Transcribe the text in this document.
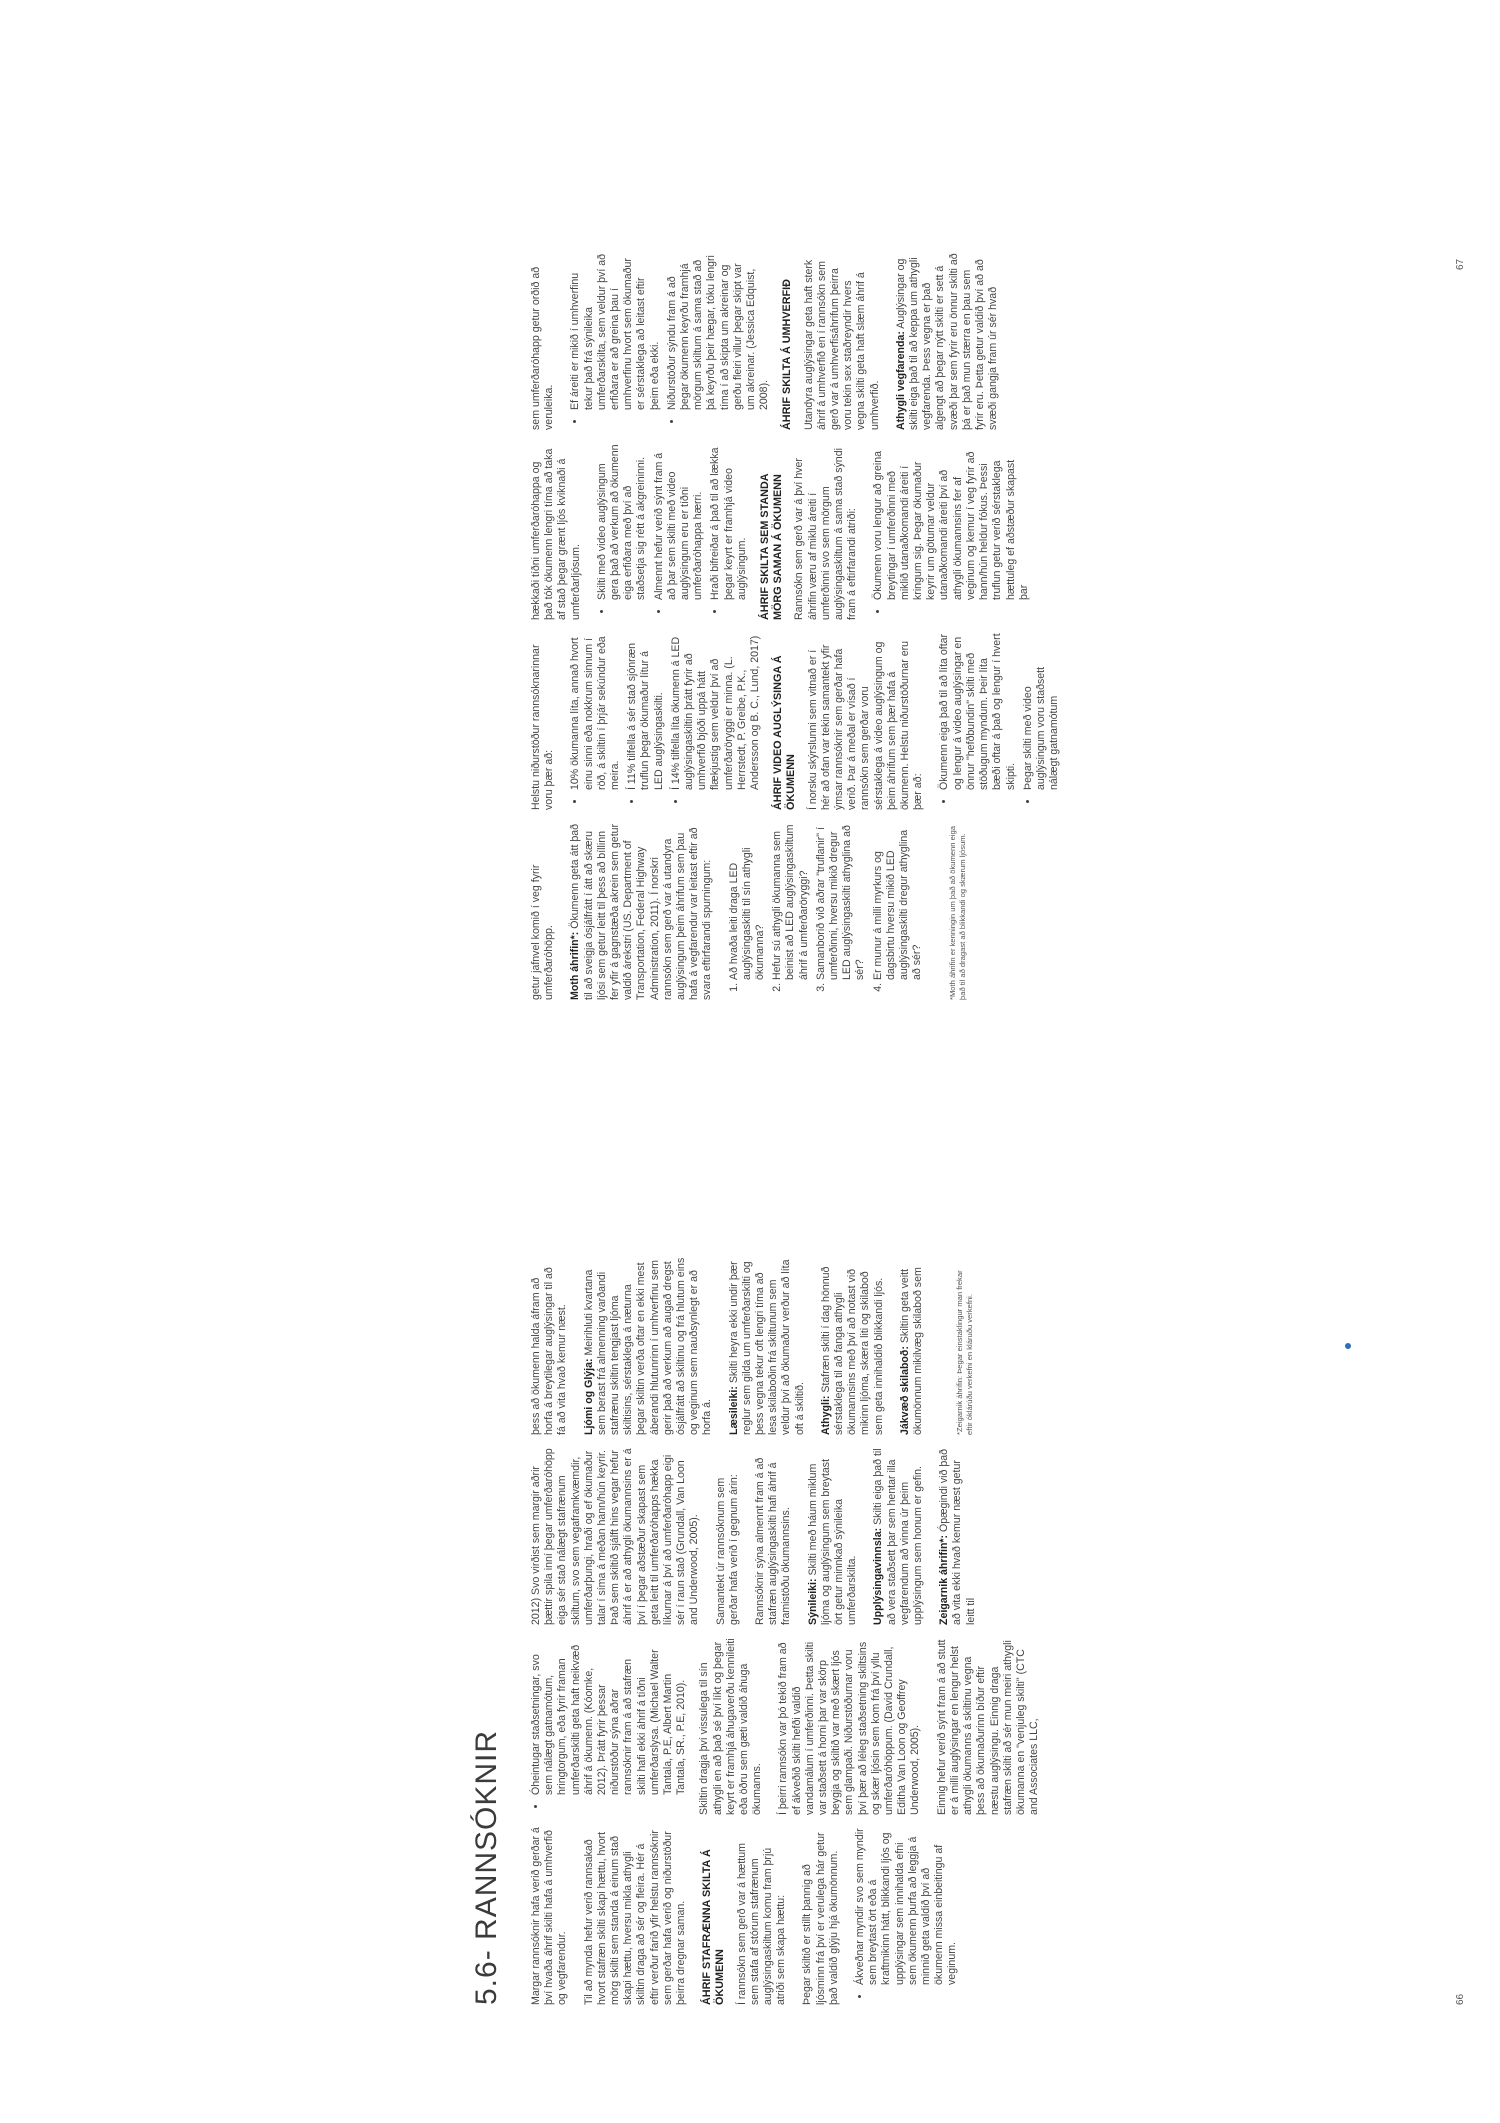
5.6- RANNSÓKNIR	Margar rannsóknir hafa verið gerðar á því hvaða áhrif skilti hafa á umhverfið og vegfarendur. Til að mynda hefur verið rannsakað hvort stafræn skilti skapi hættu, hvort mörg skilti sem standa á einum stað skapi hættu, hversu mikla athygli skiltin draga að sér og fleira. Hér á eftir verður farið yfir helstu rannsóknir sem gerðar hafa verið og niðurstöður þeirra dregnar saman. ÁHRIF STAFRÆNNA SKILTA Á ÖKUMENN Í rannsókn sem gerð var á hættum sem stafa af stórum stafrænum auglýsingaskiltum komu fram þrjú atriði sem skapa hættu: Þegar skiltið er stillt þannig að ljósminn frá því er verulega hár getur það valdið glýju hjá ökumönnum. • Ákveðnar myndir svo sem myndir sem breytast ört eða á kraftmikinn hátt, blikkandi ljós og upplýsingar sem innihalda efni sem ökumenn þurfa að leggja á minnið geta valdið því að ökumenn missa einbeitingu af veginum.
• Óheintugar staðsetningar, svo sem nálægt gatnamótum, hringtorgum, eða fyrir framan umferðarskilti geta haft neikvæð áhrif á ökumenn. (Kóomke, 2012). Þrátt fyrir þessar niðurstöður sýna aðrar rannsóknir fram á að stafræn skilti hafi ekki áhrif á tíðni umferðarslysa. (Michael Walter Tantala, P.E, Albert Martin Tantala, SR., P.E, 2010). Skiltin dragja því vissulega til sín athygli en að það sé því líkt og þegar keyrt er framhjá áhugaverðu kennileiti eða öðru sem gæti valdið áhuga ökumanns. Í þeirri rannsókn var þó tekið fram að ef ákveðið skilti hefði valdið vandamálum í umferðinni. Þetta skilti var staðsett á horni þar var skörp beygja og skiltið var með skært ljós sem glampaði. Niðurstöðurnar voru því þær að léleg staðsetning skiltsins og skær ljósin sem kom frá því yllu umferðaróhöppum. (David Crundall, Editha Van Loon og Geoffrey Underwood, 2005). Einnig hefur verið sýnt fram á að stutt er á milli auglýsingar en lengur helst athygli ökumanns á skiltinu vegna þess að ökumaðurinn bíður eftir næstu auglýsingu. Einnig draga stafræn skilti að sér mun meiri athygli ökumanna en "venjuleg skilti" (CTC and Associates LLC,

2012) Svo virðist sem margir aðrir þættir spila inní þegar umferðaróhöpp eiga sér stað nálægt stafrænum skiltum, svo sem vegaframkvæmdir, umferðarþungi, hraði og ef ökumaður talar í síma á meðan hann/hún keyrir. Það sem skiltið sjálft hins vegar hefur áhrif á er að athygli ökumannsins er á því í þegar aðstæður skapast sem geta leitt til umferðaróhapps hækka líkurnar á því að umferðaróhapp eigi sér í raun stað (Grundall, Van Loon and Underwood, 2005). Samantekt úr rannsóknum sem gerðar hafa verið í gegnum árin: Rannsóknir sýna almennt fram á að stafræn auglýsingaskilti hafi áhrif á framistöðu ökumannsins. Sýnileiki: Skilti með háum miklum ljóma og auglýsingum sem breytast ört getur minnkað sýnileika umferðarskilta. Upplýsingavinnsla: Skilti eiga það til að vera staðsett þar sem hentar illa vegfarendum að vinna úr þeim upplýsingum sem honum er gefin. Zeigarnik áhrifin*: Ópægindi við það að vita ekki hvað kemur næst getur leitt til

þess að ökumenn halda áfram að horfa á breytilegar auglýsingar til að fá að vita hvað kemur næst. Ljómi og Glýja: Meirihluti kvartana sem berast frá almenning varðandi stafrænu skiltin tengjast ljóma skiltisins, sérstaklega á næturna þegar skiltin verða oftar en ekki mest áberandi hlutunrinn í umhverfinu sem gerir það að verkum að augað dregst ósjálfrátt að skiltinu og frá hlutum eins og veginum sem nauðsynlegt er að horfa á. Læsileiki: Skilti heyra ekki undir þær reglur sem gilda um umferðarskilti og þess vegna tekur oft lengri tíma að lesa skilaboðin frá skiltunum sem veldur því að ökumaður verður að líta oft á skiltið. Athygli: Stafræn skilti í dag hönnuð sérstaklega til að fanga athygli ökumannsins með því að notast við mikinn ljóma, skæra liti og skilaboð sem geta innihaldið blikkandi ljós. Jákvæð skilaboð: Skiltin geta veitt ökumönnum mikilvæg skilaboð sem	*Zeigarnik áhrifin: Þegar einstaklingur man frekar eftir óklárúðu verkefni en kláruðu verkefni.

66

getur jafnvel komið í veg fyrir umferðaróhöpp. Moth áhrifin*: Ökumenn geta átt það til að sveigja ósjálfrátt í átt að skæru ljósi sem getur leitt til þess að bíllinn fer yfir á gagnstæða akrein sem getur valdið árekstri (US. Department of Transportation, Federal Highway Administration, 2011). Í norskri rannsókn sem gerð var á utandyra auglýsingum þeim áhrifum sem þau hafa á vegfarendur var leitast eftir að svara eftirfarandi spurningum: 1. Að hvaða leiti draga LED auglýsingaskilti til sín athygli ökumanna? 2. Hefur sú athygli ökumanna sem beinist að LED auglýsingaskiltum áhrif á umferðaröryggi? 3. Samanborið við aðrar "truflanir" í umferðinni, hversu mikið dregur LED auglýsingaskilti athyglina að sér? 4. Er munur á milli myrkurs og dagsbirtu hversu mikið LED auglýsingaskilti dregur athyglina að sér?	*Moth áhrifin er kenningin um það að ökumenn eiga það til að dragast að blikkandi og skærum ljósum.

Helstu niðurstöður rannsóknarinnar voru þær að: • 10% ökumanna líta, annað hvort einu sinni eða nokkrum sinnum í röð, á skiltin í þrjár sekúndur eða meira. • Í 11% tilfella á sér stað sjónræn truflun þegar ökumaður lítur á LED auglýsingaskilti. • Í 14% tilfella líta ökumenn á LED auglýsingaskiltin þrátt fyrir að umhverfið bjóði uppá hátt flækjustig sem veldur því að umferðaröryggi er minna. (L. Herrstedt, P. Greibe, P.K., Andersson og B. C., Lund, 2017) ÁHRIF VIDEO AUGLÝSINGA Á ÖKUMENN Í norsku skýrslunni sem vitnað er í hér að ofan var tekin samantekt yfir ýmsar rannsóknir sem gerðar hafa verið. Þar á meðal er vísað í rannsókn sem gerðar voru sérstaklega á video auglýsingum og þeim áhrifum sem þær hafa á ökumenn. Helstu niðurstöðurnar eru þær að:

• Ökumenn eiga það til að líta oftar og lengur á video auglýsingar en önnur "hefðbundin" skilti með stöðugum myndum. Þeir líta bæði oftar á það og lengur í hvert skipti. • Þegar skilti með video auglýsingum voru staðsett nálægt gatnamótum

hækkaði tíðni umferðaróhappa og það tók ökumenn lengri tíma að taka af stað þegar grænt ljós kviknaði á umferðarljósum. • Skilti með video auglýsingum gera það að verkum að ökumenn eiga erfiðara með því að staðsetja sig rétt á akgreininni. • Almennt hefur verið sýnt fram á að þar sem skilti með video auglýsingum eru er tíðni umferðaróhappa hærri. • Hraði bifreiðar á það til að lækka þegar keyrt er framhjá video auglýsingum. ÁHRIF SKILTA SEM STANDA MÖRG SAMAN Á ÖKUMENN Rannsókn sem gerð var á því hver áhrifin væru af miklu áreiti í umferðinni svo sem mörgum auglýsingaskiltum á sama stað sýndi fram á eftirfarandi atriði: • Ökumenn voru lengur að greina breytingar í umferðinni með miklið utanaðkomandi áreiti í kringum sig. Þegar ökumaður keyrir um götumar veldur utanaðkomandi áreiti því að athygli ökumannsins fer af veginum og kemur í veg fyrir að hann/hún heldur fókus. Þessi truflun getur verið sérstaklega hættuleg ef aðstæður skapast þar

sem umferðaróhapp getur orðið að veruleika. • Ef áreiti er mikið í umhverfinu tekur það frá sýnileika umferðarskilta, sem veldur því að erfiðara er að greina þau í umhverfinu hvort sem ökumaður er sérstaklega að leitast eftir þeim eða ekki. • Niðurstöður sýndu fram á að þegar ökumenn keyrðu framhjá mörgum skiltum á sama stað að þá keyrðu þeir hægar, tóku lengri tíma í að skipta um akreinar og gerðu fleiri villur þegar skipt var um akreinar. (Jessica Edquist, 2008). ÁHRIF SKILTA Á UMHVERFIÐ Utandyra auglýsingar geta haft sterk áhrif á umhverfið en í rannsókn sem gerð var á umhverfisáhrifum þeirra voru tekin sex staðreyndir hvers vegna skilti geta haft slæm áhrif á umhverfið. Athygli vegfarenda: Auglýsingar og skilti eiga það til að keppa um athygli vegfarenda. Þess vegna er það algengt að þegar nýtt skilti er sett á svæði þar sem fyrir eru önnur skilti að þá er það mun stærra en þau sem fyrir eru. Þetta getur valdið því að að svæði gangja fram úr sér hvað

67
